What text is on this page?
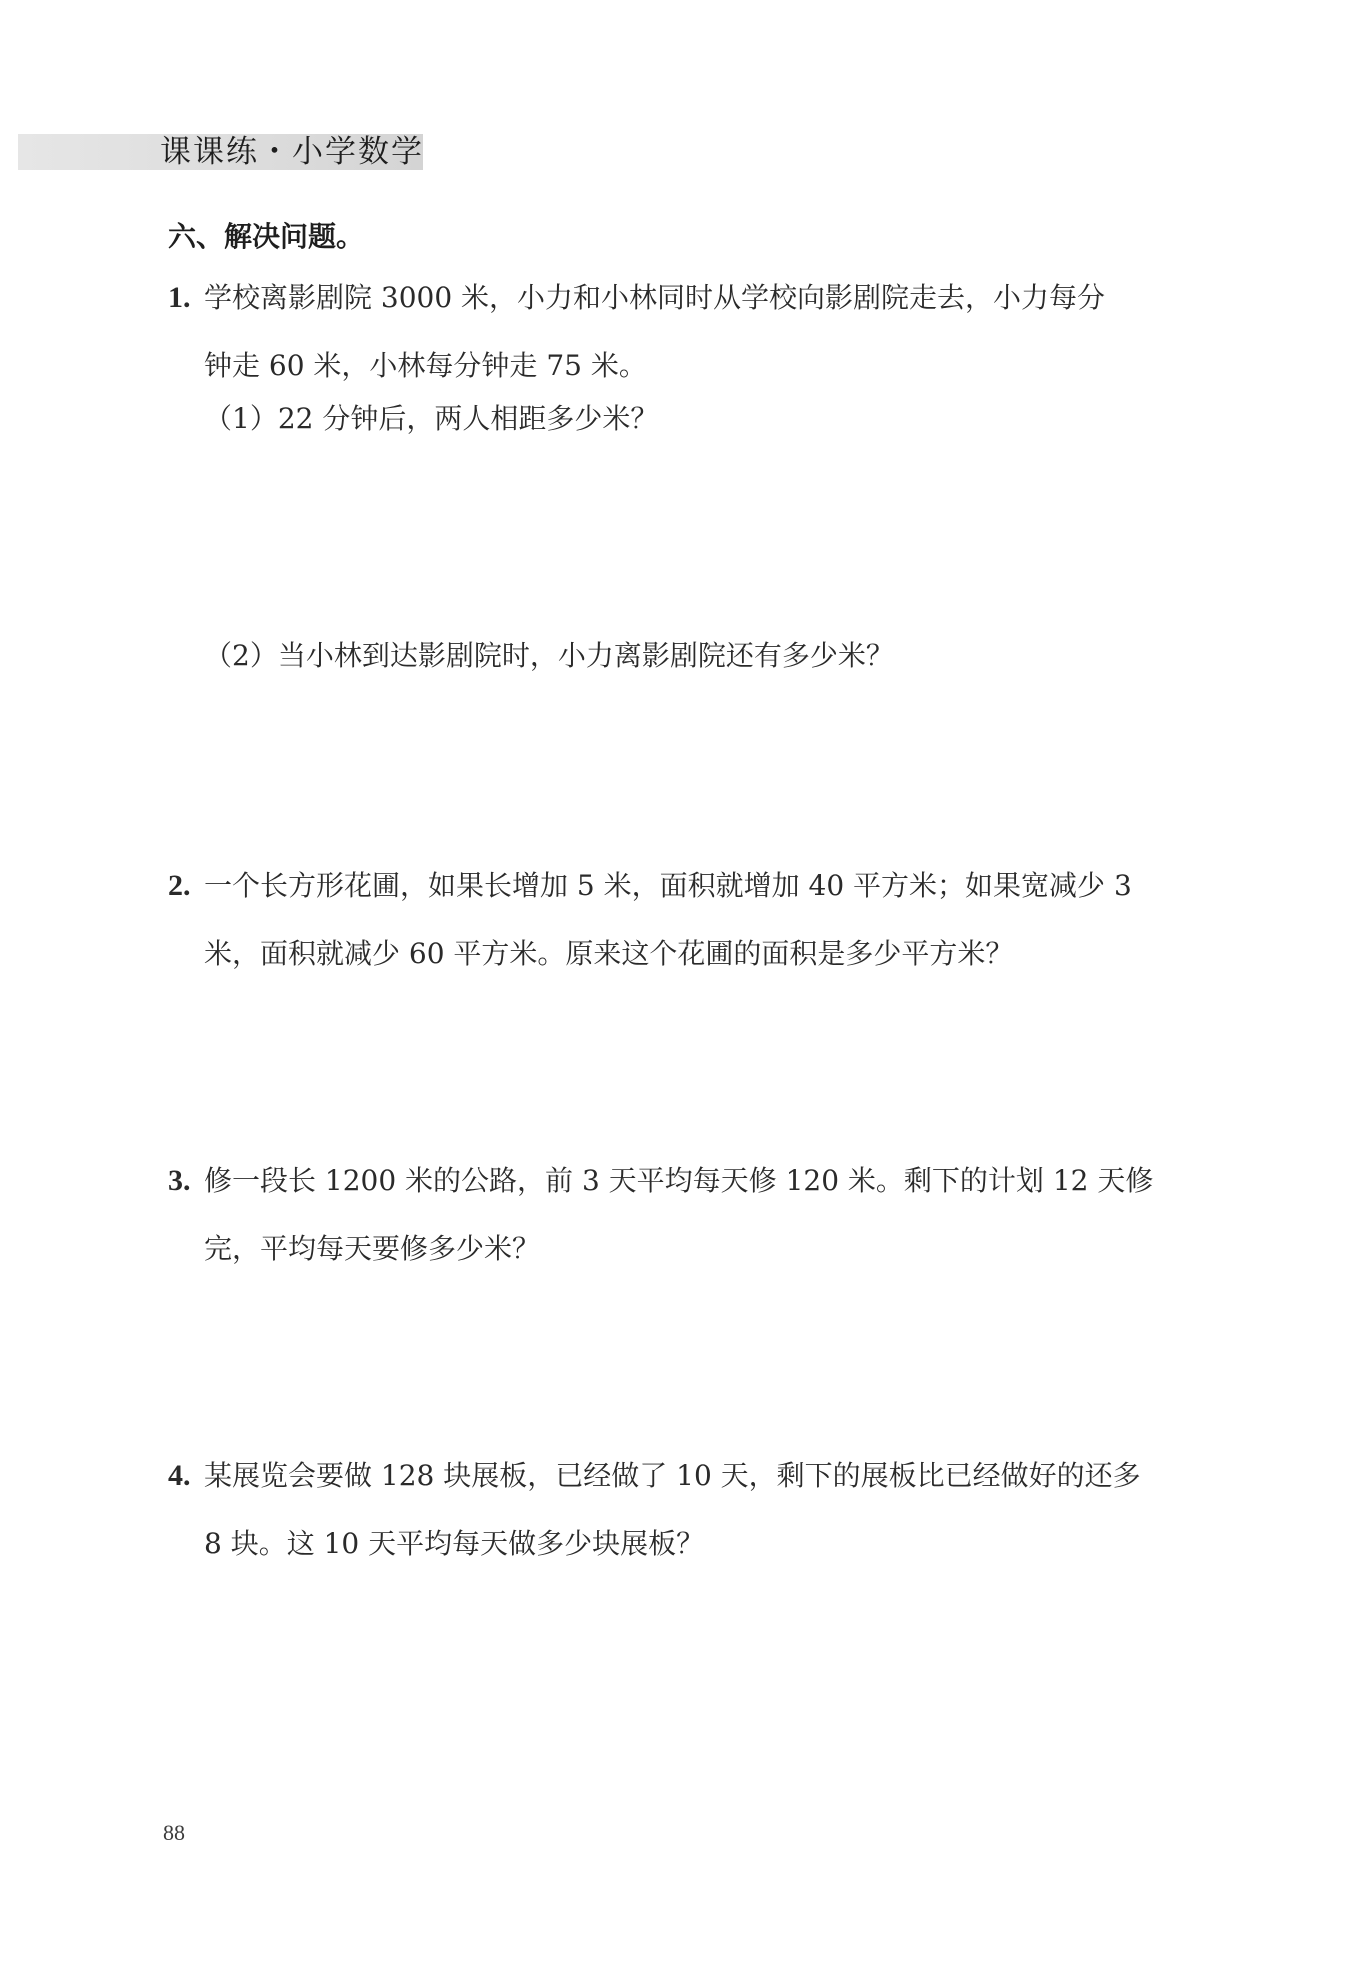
课课练・小学数学
六、解决问题。
1. 学校离影剧院 3000 米，小力和小林同时从学校向影剧院走去，小力每分
钟走 60 米，小林每分钟走 75 米。
（1）22 分钟后，两人相距多少米？
（2）当小林到达影剧院时，小力离影剧院还有多少米？
2. 一个长方形花圃，如果长增加 5 米，面积就增加 40 平方米；如果宽减少 3
米，面积就减少 60 平方米。原来这个花圃的面积是多少平方米？
3. 修一段长 1200 米的公路，前 3 天平均每天修 120 米。剩下的计划 12 天修
完，平均每天要修多少米？
4. 某展览会要做 128 块展板，已经做了 10 天，剩下的展板比已经做好的还多
8 块。这 10 天平均每天做多少块展板？
88
